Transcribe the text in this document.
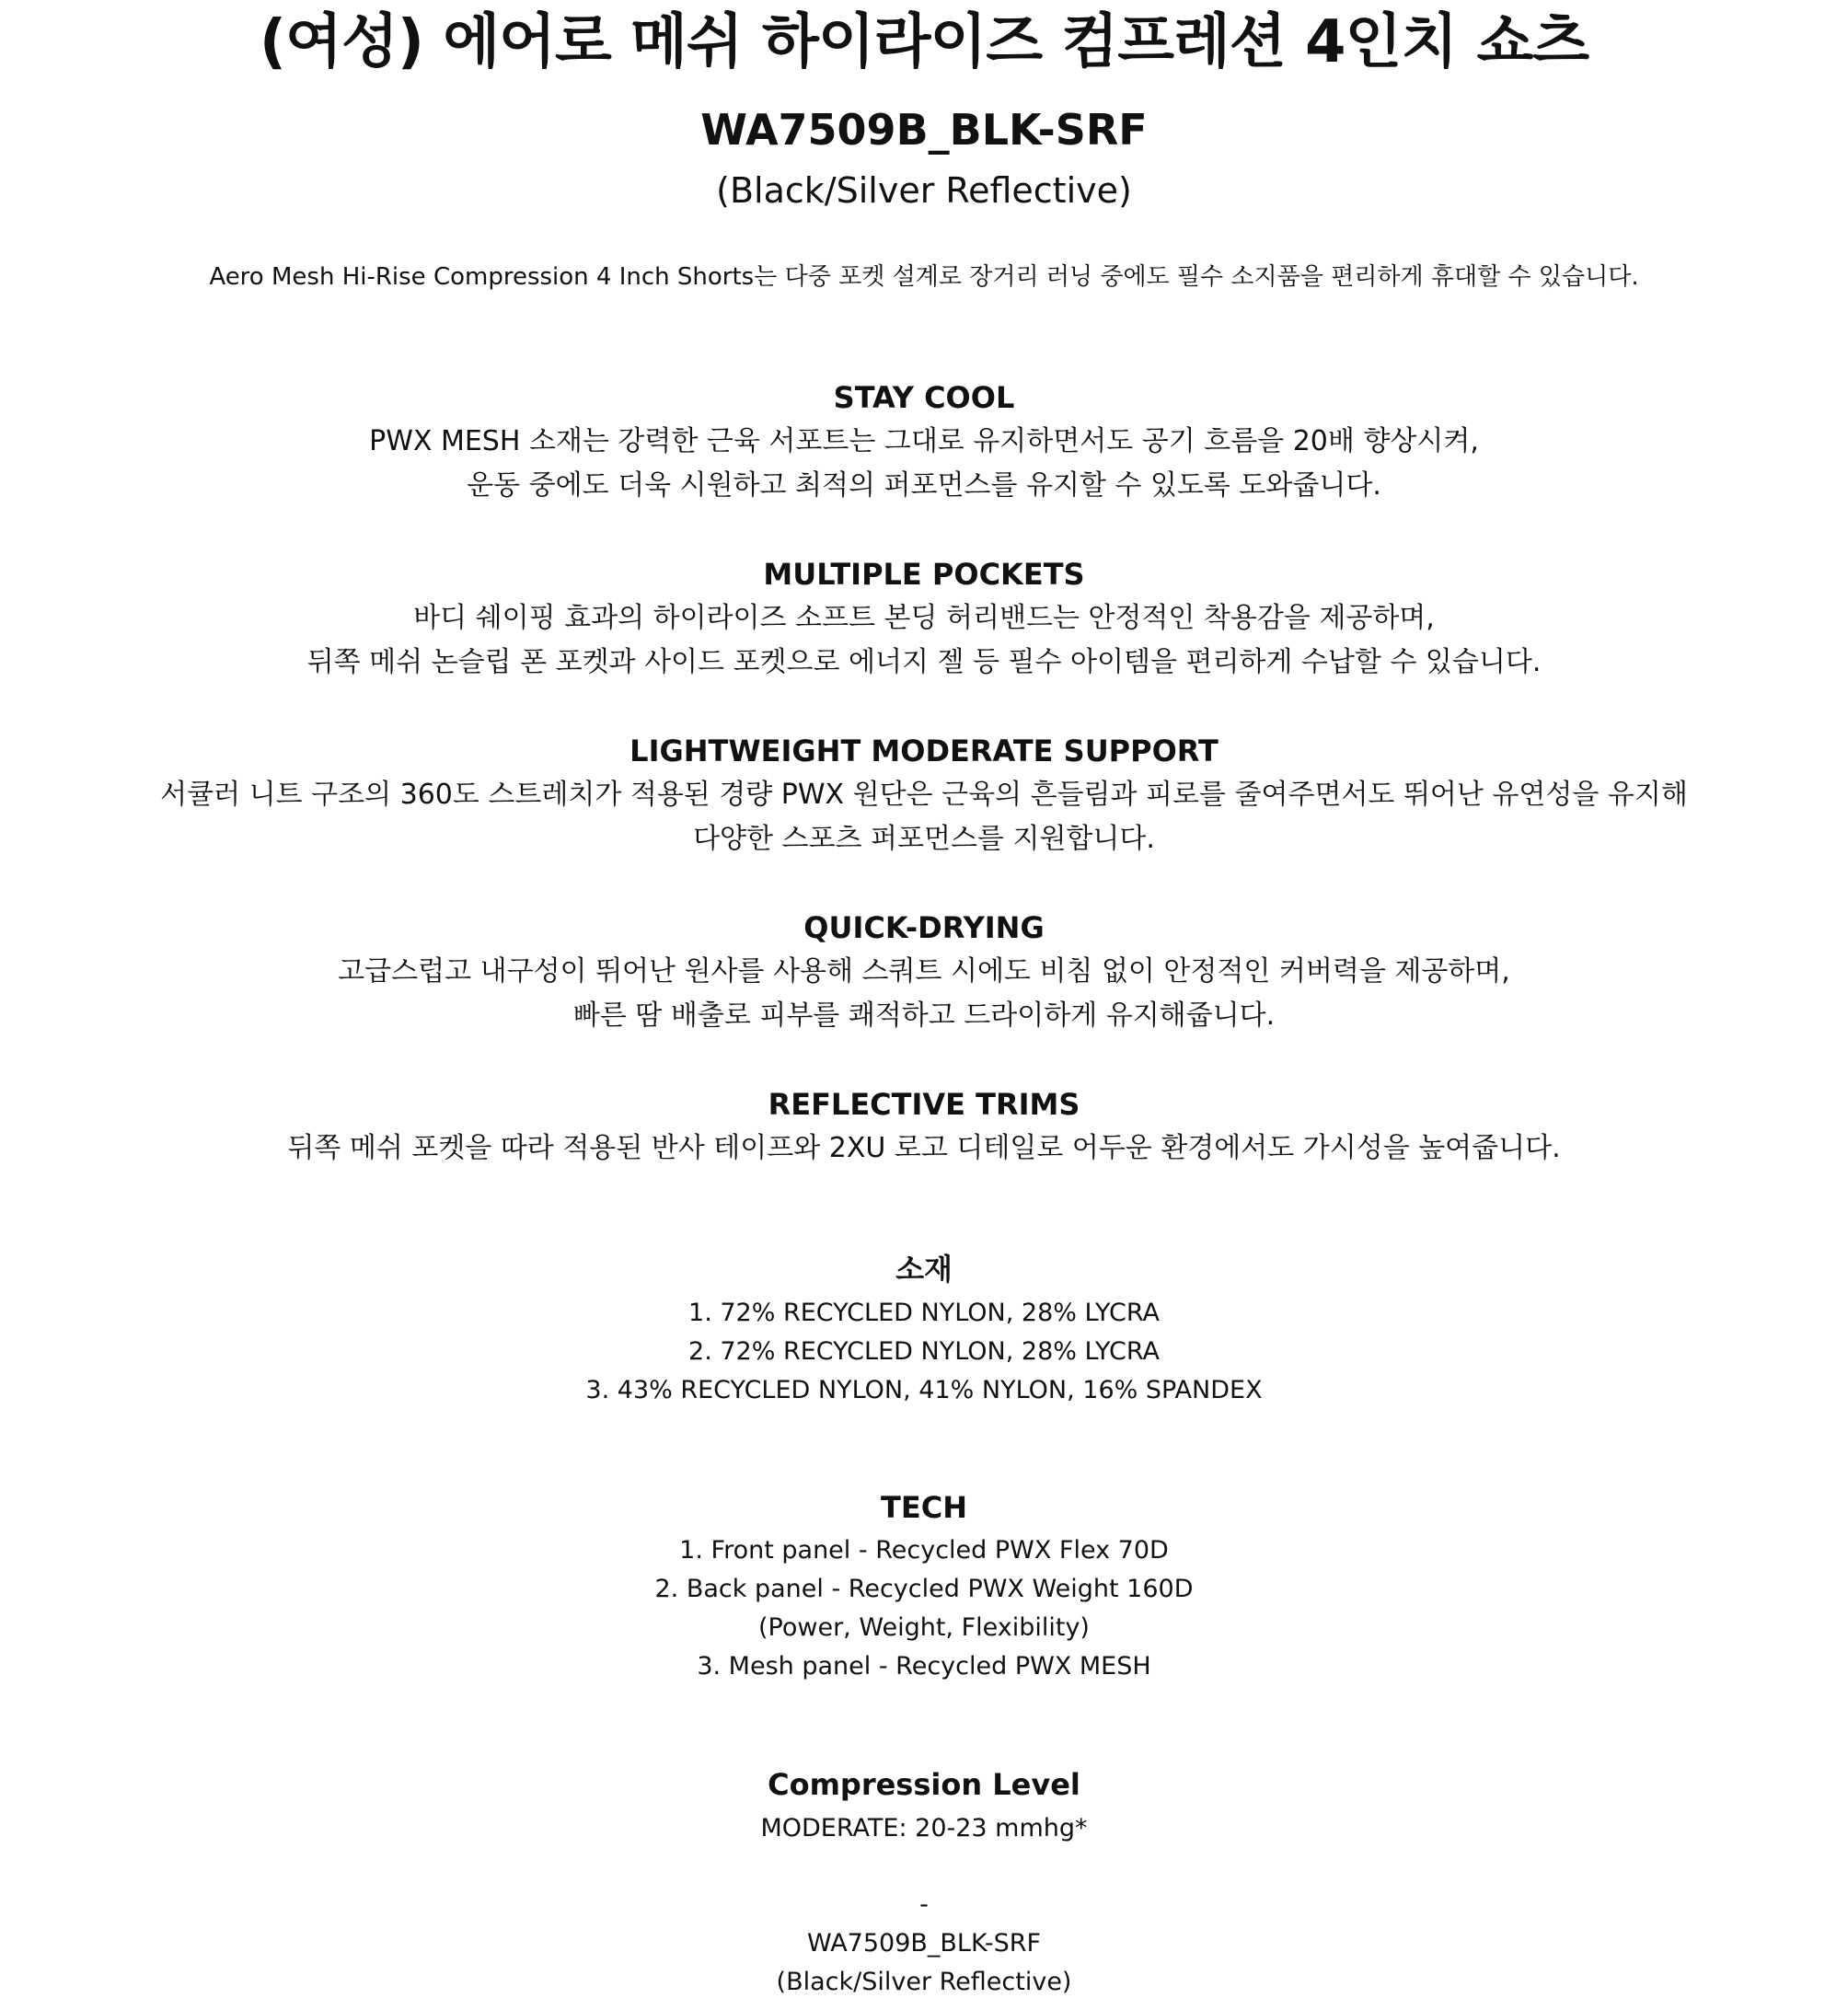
(여성) 에어로 메쉬 하이라이즈 컴프레션 4인치 쇼츠
WA7509B_BLK-SRF
(Black/Silver Reflective)
Aero Mesh Hi-Rise Compression 4 Inch Shorts는 다중 포켓 설계로 장거리 러닝 중에도 필수 소지품을 편리하게 휴대할 수 있습니다.
STAY COOL
PWX MESH 소재는 강력한 근육 서포트는 그대로 유지하면서도 공기 흐름을 20배 향상시켜,
운동 중에도 더욱 시원하고 최적의 퍼포먼스를 유지할 수 있도록 도와줍니다.
MULTIPLE POCKETS
바디 쉐이핑 효과의 하이라이즈 소프트 본딩 허리밴드는 안정적인 착용감을 제공하며,
뒤쪽 메쉬 논슬립 폰 포켓과 사이드 포켓으로 에너지 젤 등 필수 아이템을 편리하게 수납할 수 있습니다.
LIGHTWEIGHT MODERATE SUPPORT
서큘러 니트 구조의 360도 스트레치가 적용된 경량 PWX 원단은 근육의 흔들림과 피로를 줄여주면서도 뛰어난 유연성을 유지해
다양한 스포츠 퍼포먼스를 지원합니다.
QUICK-DRYING
고급스럽고 내구성이 뛰어난 원사를 사용해 스쿼트 시에도 비침 없이 안정적인 커버력을 제공하며,
빠른 땀 배출로 피부를 쾌적하고 드라이하게 유지해줍니다.
REFLECTIVE TRIMS
뒤쪽 메쉬 포켓을 따라 적용된 반사 테이프와 2XU 로고 디테일로 어두운 환경에서도 가시성을 높여줍니다.
소재
1. 72% RECYCLED NYLON, 28% LYCRA
2. 72% RECYCLED NYLON, 28% LYCRA
3. 43% RECYCLED NYLON, 41% NYLON, 16% SPANDEX
TECH
1. Front panel - Recycled PWX Flex 70D
2. Back panel - Recycled PWX Weight 160D
(Power, Weight, Flexibility)
3. Mesh panel - Recycled PWX MESH
Compression Level
MODERATE: 20-23 mmhg*
-
WA7509B_BLK-SRF
(Black/Silver Reflective)
